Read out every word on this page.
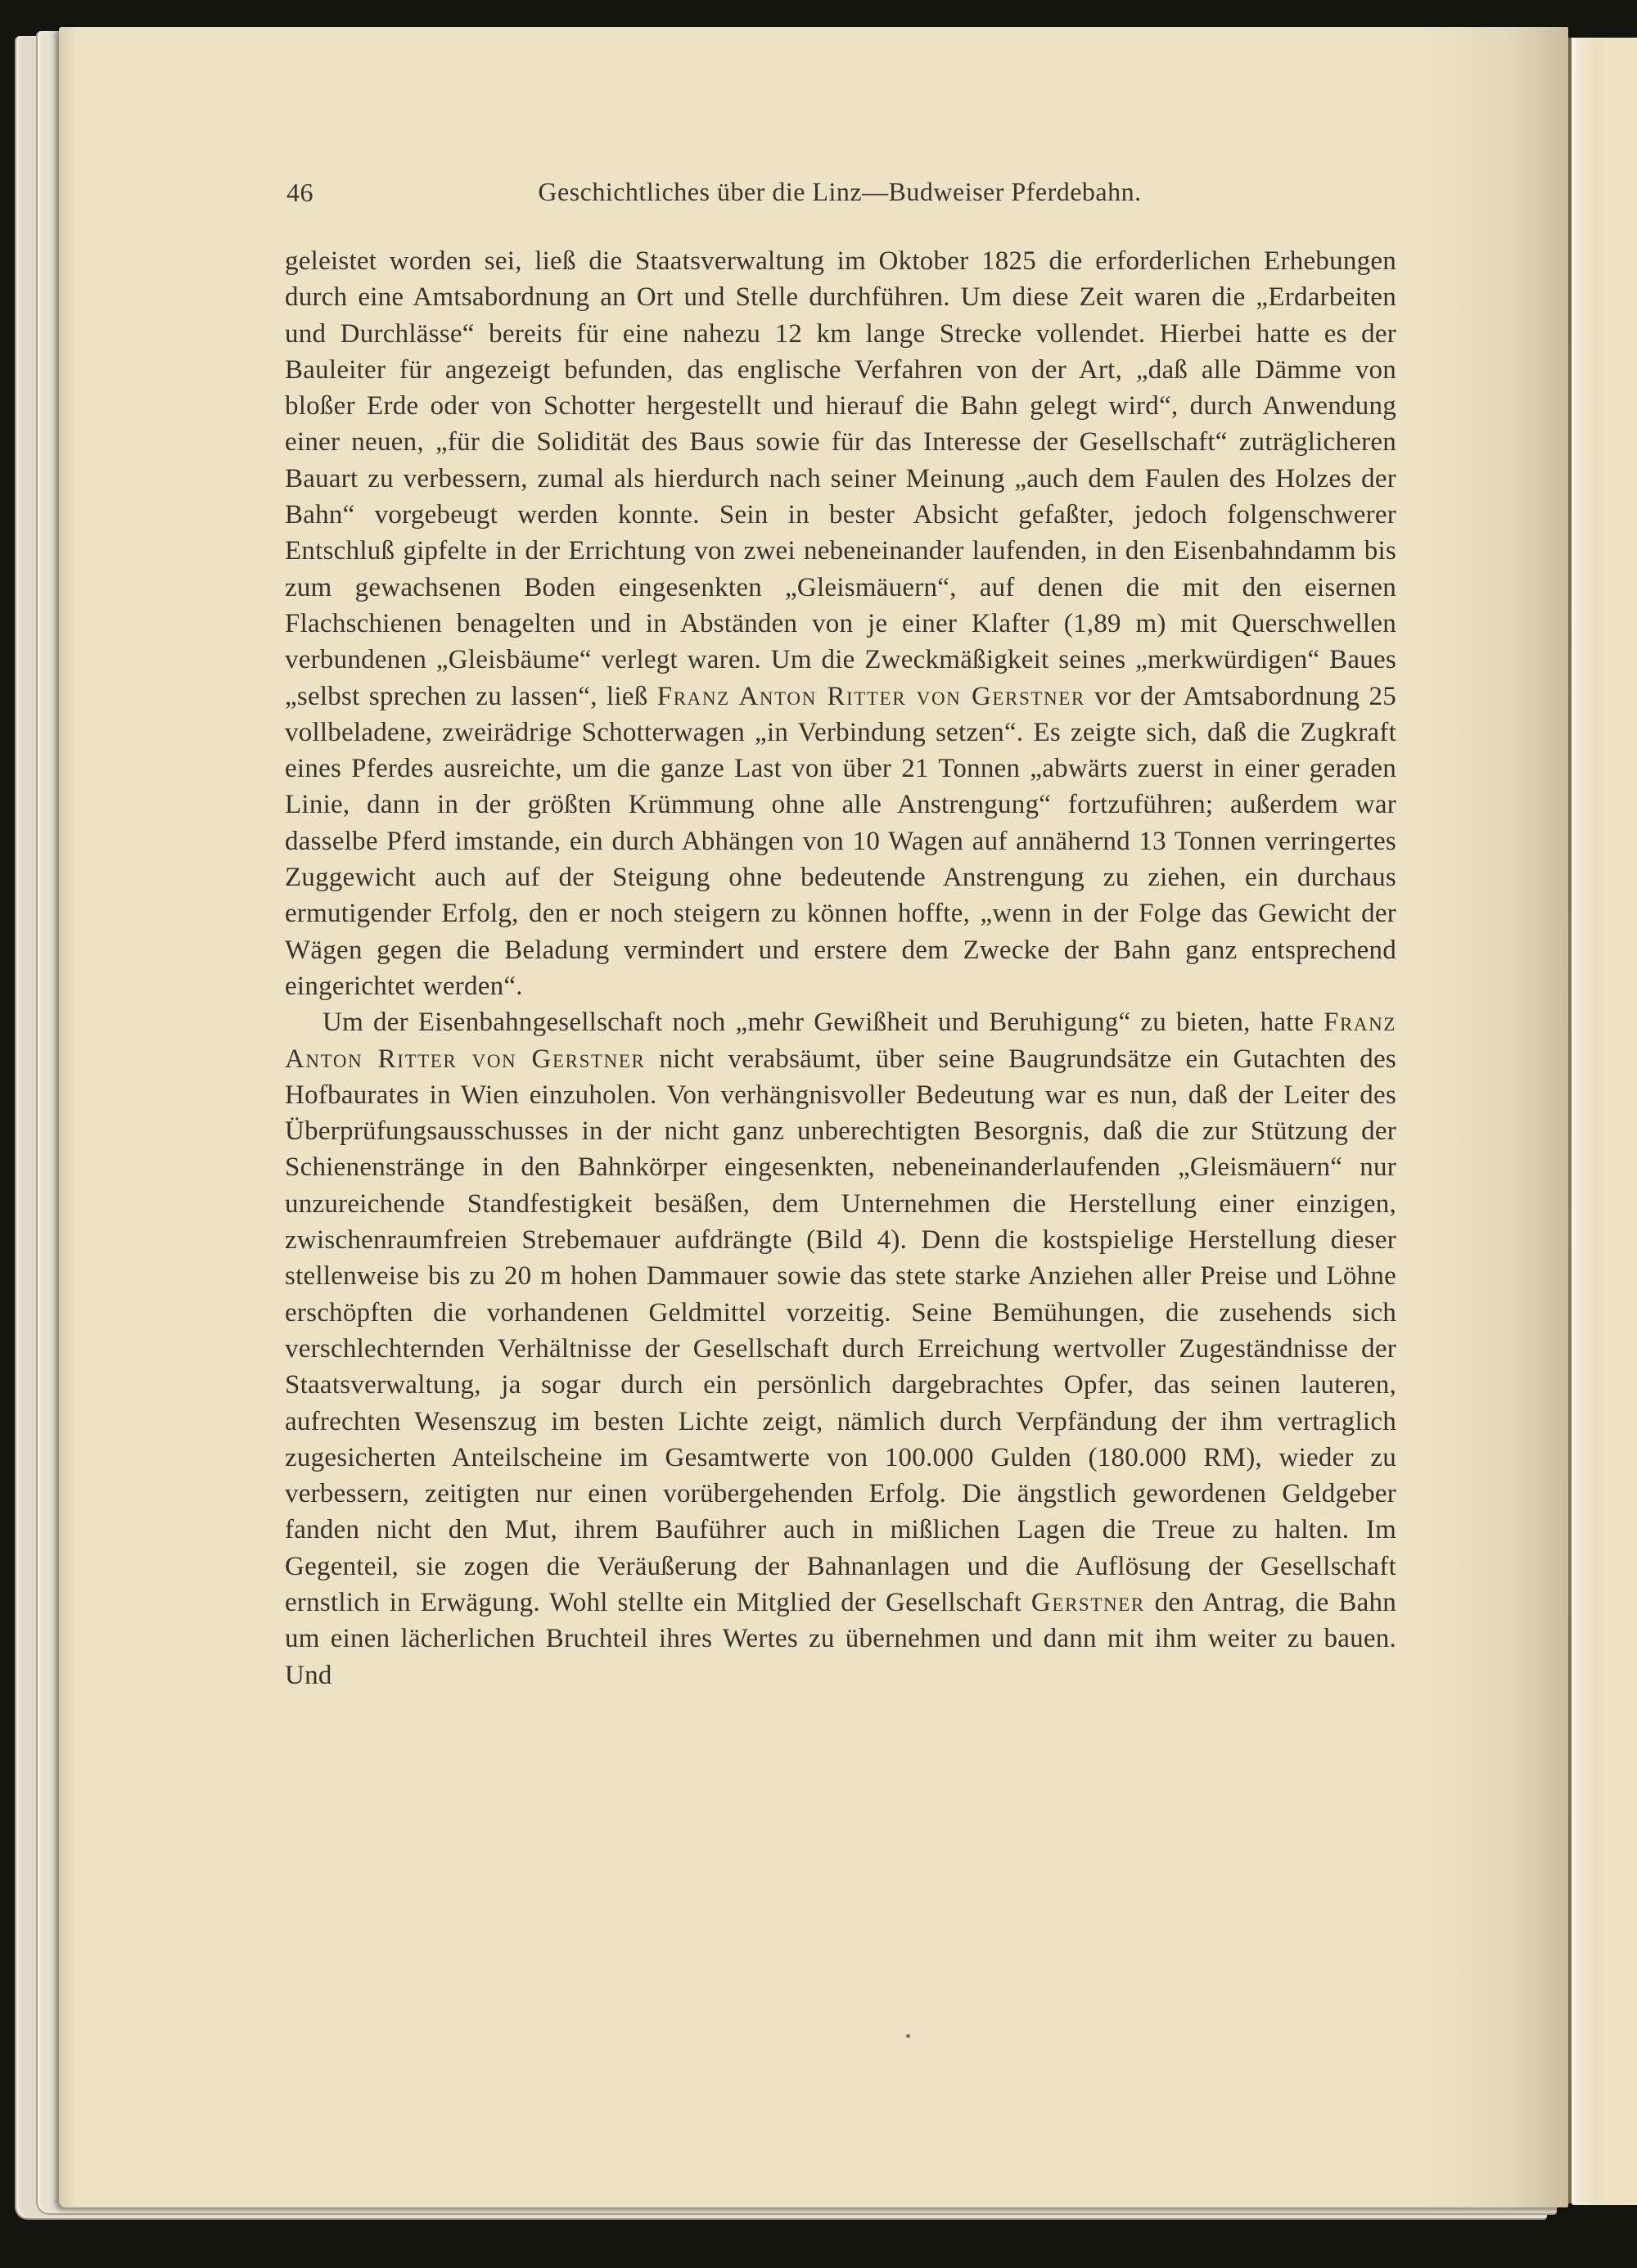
46	Geschichtliches über die Linz—Budweiser Pferdebahn.

geleistet worden sei, ließ die Staatsverwaltung im Oktober 1825 die erforderlichen Erhebungen durch eine Amtsabordnung an Ort und Stelle durchführen. Um diese Zeit waren die „Erdarbeiten und Durchlässe“ bereits für eine nahezu 12 km lange Strecke vollendet. Hierbei hatte es der Bauleiter für angezeigt befunden, das englische Verfahren von der Art, „daß alle Dämme von bloßer Erde oder von Schotter hergestellt und hierauf die Bahn gelegt wird“, durch Anwendung einer neuen, „für die Solidität des Baus sowie für das Interesse der Gesellschaft“ zuträglicheren Bauart zu verbessern, zumal als hierdurch nach seiner Meinung „auch dem Faulen des Holzes der Bahn“ vorgebeugt werden konnte. Sein in bester Absicht gefaßter, jedoch folgenschwerer Entschluß gipfelte in der Errichtung von zwei nebeneinander laufenden, in den Eisenbahndamm bis zum gewachsenen Boden eingesenkten „Gleismäuern“, auf denen die mit den eisernen Flachschienen benagelten und in Abständen von je einer Klafter (1,89 m) mit Querschwellen verbundenen „Gleisbäume“ verlegt waren. Um die Zweckmäßigkeit seines „merkwürdigen“ Baues „selbst sprechen zu lassen“, ließ Franz Anton Ritter von Gerstner vor der Amtsabordnung 25 vollbeladene, zweirädrige Schotterwagen „in Verbindung setzen“. Es zeigte sich, daß die Zugkraft eines Pferdes ausreichte, um die ganze Last von über 21 Tonnen „abwärts zuerst in einer geraden Linie, dann in der größten Krümmung ohne alle Anstrengung“ fortzuführen; außerdem war dasselbe Pferd imstande, ein durch Abhängen von 10 Wagen auf annähernd 13 Tonnen verringertes Zuggewicht auch auf der Steigung ohne bedeutende Anstrengung zu ziehen, ein durchaus ermutigender Erfolg, den er noch steigern zu können hoffte, „wenn in der Folge das Gewicht der Wägen gegen die Beladung vermindert und erstere dem Zwecke der Bahn ganz entsprechend eingerichtet werden“.

Um der Eisenbahngesellschaft noch „mehr Gewißheit und Beruhigung“ zu bieten, hatte Franz Anton Ritter von Gerstner nicht verabsäumt, über seine Baugrundsätze ein Gutachten des Hofbaurates in Wien einzuholen. Von verhängnisvoller Bedeutung war es nun, daß der Leiter des Überprüfungsausschusses in der nicht ganz unberechtigten Besorgnis, daß die zur Stützung der Schienenstränge in den Bahnkörper eingesenkten, nebeneinanderlaufenden „Gleismäuern“ nur unzureichende Standfestigkeit besäßen, dem Unternehmen die Herstellung einer einzigen, zwischenraumfreien Strebemauer aufdrängte (Bild 4). Denn die kostspielige Herstellung dieser stellenweise bis zu 20 m hohen Dammauer sowie das stete starke Anziehen aller Preise und Löhne erschöpften die vorhandenen Geldmittel vorzeitig. Seine Bemühungen, die zusehends sich verschlechternden Verhältnisse der Gesellschaft durch Erreichung wertvoller Zugeständnisse der Staatsverwaltung, ja sogar durch ein persönlich dargebrachtes Opfer, das seinen lauteren, aufrechten Wesenszug im besten Lichte zeigt, nämlich durch Verpfändung der ihm vertraglich zugesicherten Anteilscheine im Gesamtwerte von 100.000 Gulden (180.000 RM), wieder zu verbessern, zeitigten nur einen vorübergehenden Erfolg. Die ängstlich gewordenen Geldgeber fanden nicht den Mut, ihrem Bauführer auch in mißlichen Lagen die Treue zu halten. Im Gegenteil, sie zogen die Veräußerung der Bahnanlagen und die Auflösung der Gesellschaft ernstlich in Erwägung. Wohl stellte ein Mitglied der Gesellschaft Gerstner den Antrag, die Bahn um einen lächerlichen Bruchteil ihres Wertes zu übernehmen und dann mit ihm weiter zu bauen. Und
